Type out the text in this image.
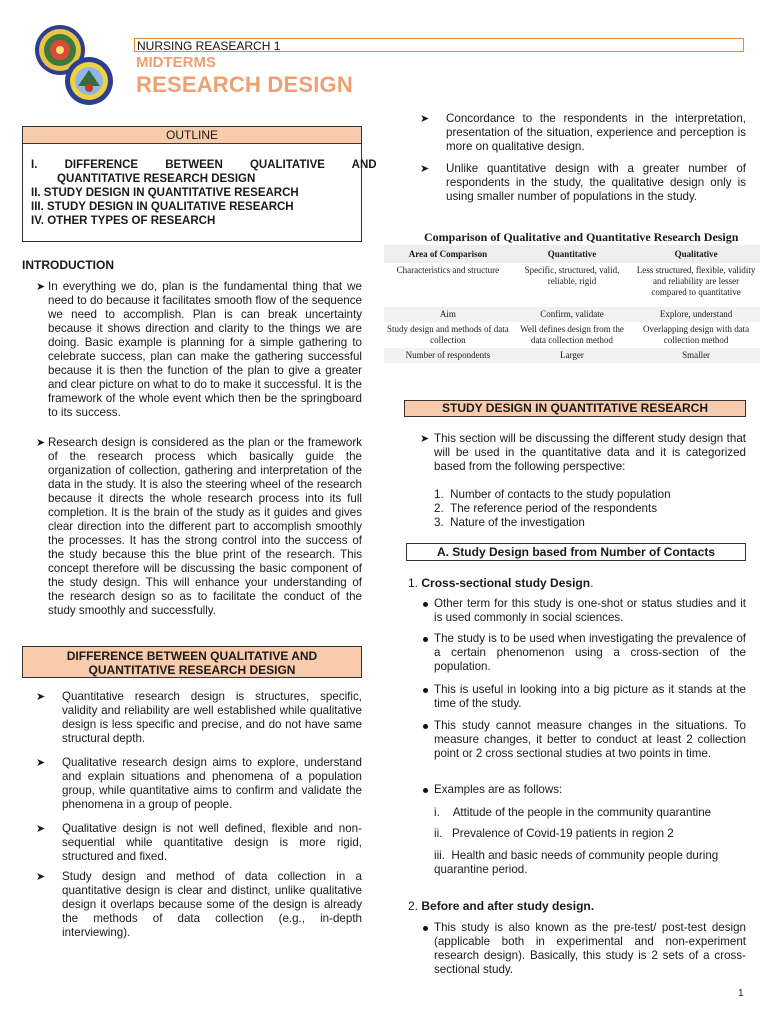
NURSING REASEARCH 1
MIDTERMS
RESEARCH DESIGN
OUTLINE
I. DIFFERENCE BETWEEN QUALITATIVE AND
QUANTITATIVE RESEARCH DESIGN
II. STUDY DESIGN IN QUANTITATIVE RESEARCH
III. STUDY DESIGN IN QUALITATIVE RESEARCH
IV. OTHER TYPES OF RESEARCH
INTRODUCTION
➤ In everything we do, plan is the fundamental thing that we need to do because it facilitates smooth flow of the sequence we need to accomplish. Plan is can break uncertainty because it shows direction and clarity to the things we are doing. Basic example is planning for a simple gathering to celebrate success, plan can make the gathering successful because it is then the function of the plan to give a greater and clear picture on what to do to make it successful. It is the framework of the whole event which then be the springboard to its success.
➤ Research design is considered as the plan or the framework of the research process which basically guide the organization of collection, gathering and interpretation of the data in the study. It is also the steering wheel of the research because it directs the whole research process into its full completion. It is the brain of the study as it guides and gives clear direction into the different part to accomplish smoothly the processes. It has the strong control into the success of the study because this the blue print of the research. This concept therefore will be discussing the basic component of the study design. This will enhance your understanding of the research design so as to facilitate the conduct of the study smoothly and successfully.
DIFFERENCE BETWEEN QUALITATIVE AND
QUANTITATIVE RESEARCH DESIGN
➤ Quantitative research design is structures, specific, validity and reliability are well established while qualitative design is less specific and precise, and do not have same structural depth.
➤ Qualitative research design aims to explore, understand and explain situations and phenomena of a population group, while quantitative aims to confirm and validate the phenomena in a group of people.
➤ Qualitative design is not well defined, flexible and non-sequential while quantitative design is more rigid, structured and fixed.
➤ Study design and method of data collection in a quantitative design is clear and distinct, unlike qualitative design it overlaps because some of the design is already the methods of data collection (e.g., in-depth interviewing).
➤ Concordance to the respondents in the interpretation, presentation of the situation, experience and perception is more on qualitative design.
➤ Unlike quantitative design with a greater number of respondents in the study, the qualitative design only is using smaller number of populations in the study.
Comparison of Qualitative and Quantitative Research Design
Area of Comparison	Quantitative	Qualitative
Characteristics and structure	Specific, structured, valid, reliable, rigid	Less structured, flexible, validity and reliability are lesser compared to quantitative
Aim	Confirm, validate	Explore, understand
Study design and methods of data collection	Well defines design from the data collection method	Overlapping design with data collection method
Number of respondents	Larger	Smaller
STUDY DESIGN IN QUANTITATIVE RESEARCH
➤ This section will be discussing the different study design that will be used in the quantitative data and it is categorized based from the following perspective:
1.  Number of contacts to the study population
2.  The reference period of the respondents
3.  Nature of the investigation
A. Study Design based from Number of Contacts
1. Cross-sectional study Design.
Other term for this study is one-shot or status studies and it is used commonly in social sciences.
The study is to be used when investigating the prevalence of a certain phenomenon using a cross-section of the population.
This is useful in looking into a big picture as it stands at the time of the study.
This study cannot measure changes in the situations. To measure changes, it better to conduct at least 2 collection point or 2 cross sectional studies at two points in time.
Examples are as follows:
i.    Attitude of the people in the community quarantine
ii.   Prevalence of Covid-19 patients in region 2
iii.  Health and basic needs of community people during quarantine period.
2. Before and after study design.
This study is also known as the pre-test/ post-test design (applicable both in experimental and non-experiment research design). Basically, this study is 2 sets of a cross-sectional study.
1
